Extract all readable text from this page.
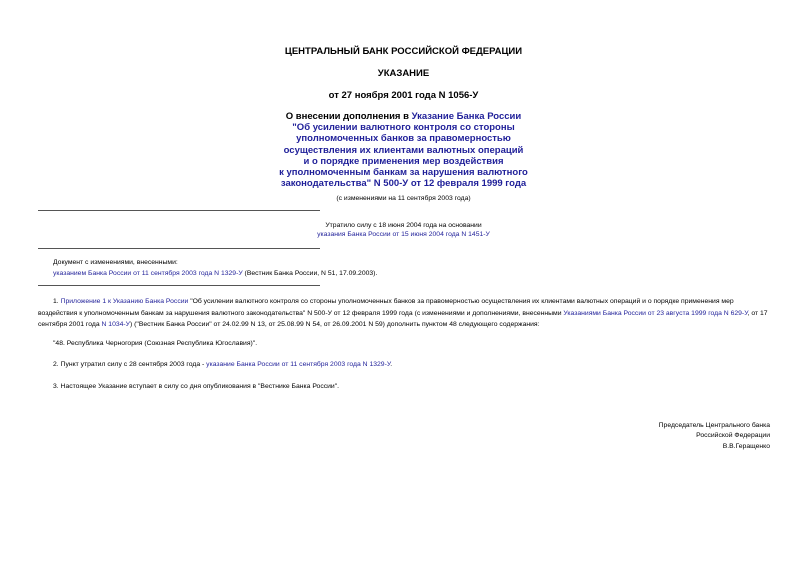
ЦЕНТРАЛЬНЫЙ БАНК РОССИЙСКОЙ ФЕДЕРАЦИИ
УКАЗАНИЕ
от 27 ноября 2001 года N 1056-У
О внесении дополнения в Указание Банка России
"Об усилении валютного контроля со стороны
уполномоченных банков за правомерностью
осуществления их клиентами валютных операций
и о порядке применения мер воздействия
к уполномоченным банкам за нарушения валютного
законодательства" N 500-У от 12 февраля 1999 года
(с изменениями на 11 сентября 2003 года)
Утратило силу с 18 июня 2004 года на основании
указания Банка России от 15 июня 2004 года N 1451-У
Документ с изменениями, внесенными:
указанием Банка России от 11 сентября 2003 года N 1329-У (Вестник Банка России, N 51, 17.09.2003).
1. Приложение 1 к Указанию Банка России "Об усилении валютного контроля со стороны уполномоченных банков за правомерностью осуществления их клиентами валютных операций и о порядке применения мер воздействия к уполномоченным банкам за нарушения валютного законодательства" N 500-У от 12 февраля 1999 года (с изменениями и дополнениями, внесенными Указаниями Банка России от 23 августа 1999 года N 629-У, от 17 сентября 2001 года N 1034-У) ("Вестник Банка России" от 24.02.99 N 13, от 25.08.99 N 54, от 26.09.2001 N 59) дополнить пунктом 48 следующего содержания:
"48. Республика Черногория (Союзная Республика Югославия)".
2. Пункт утратил силу с 28 сентября 2003 года - указание Банка России от 11 сентября 2003 года N 1329-У.
3. Настоящее Указание вступает в силу со дня опубликования в "Вестнике Банка России".
Председатель Центрального банка
Российской Федерации
В.В.Геращенко
